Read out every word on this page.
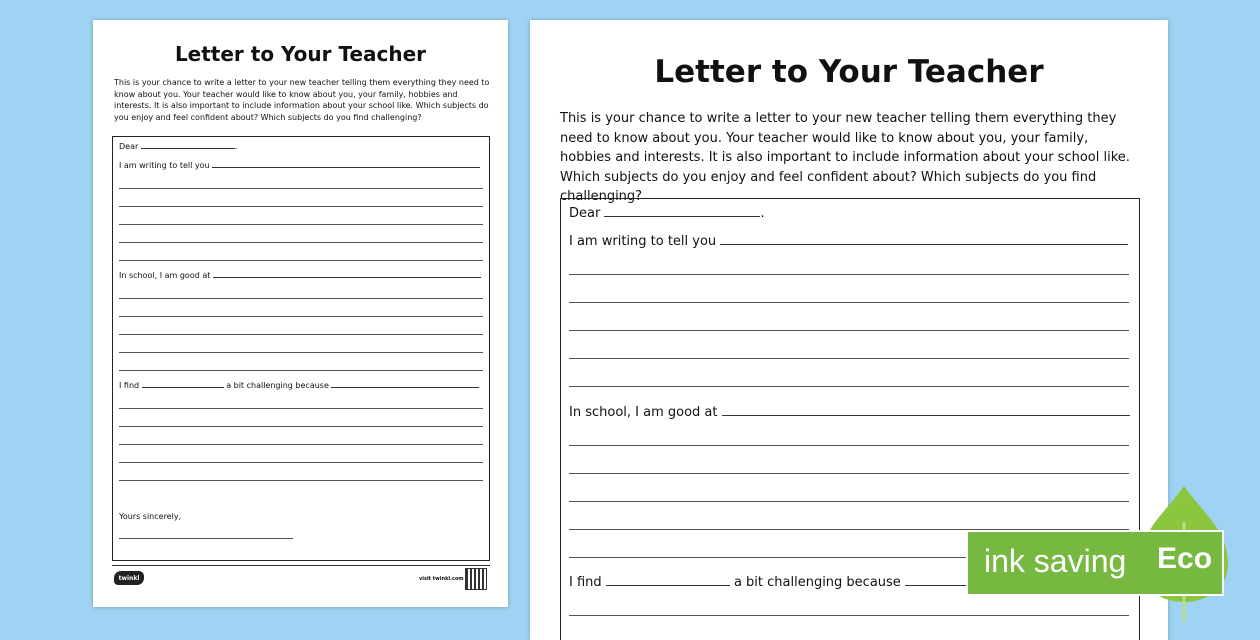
Letter to Your Teacher

This is your chance to write a letter to your new teacher telling them everything they need to know about you. Your teacher would like to know about you, your family, hobbies and interests. It is also important to include information about your school like. Which subjects do you enjoy and feel confident about? Which subjects do you find challenging?

Dear	.
I am writing to tell you
In school, I am good at
I find	a bit challenging because
Yours sincerely,
twinkl	visit twinkl.com
Letter to Your Teacher

This is your chance to write a letter to your new teacher telling them everything they need to know about you. Your teacher would like to know about you, your family, hobbies and interests. It is also important to include information about your school like. Which subjects do you enjoy and feel confident about? Which subjects do you find challenging?

Dear	.
I am writing to tell you
In school, I am good at
I find	a bit challenging because
ink saving Eco
